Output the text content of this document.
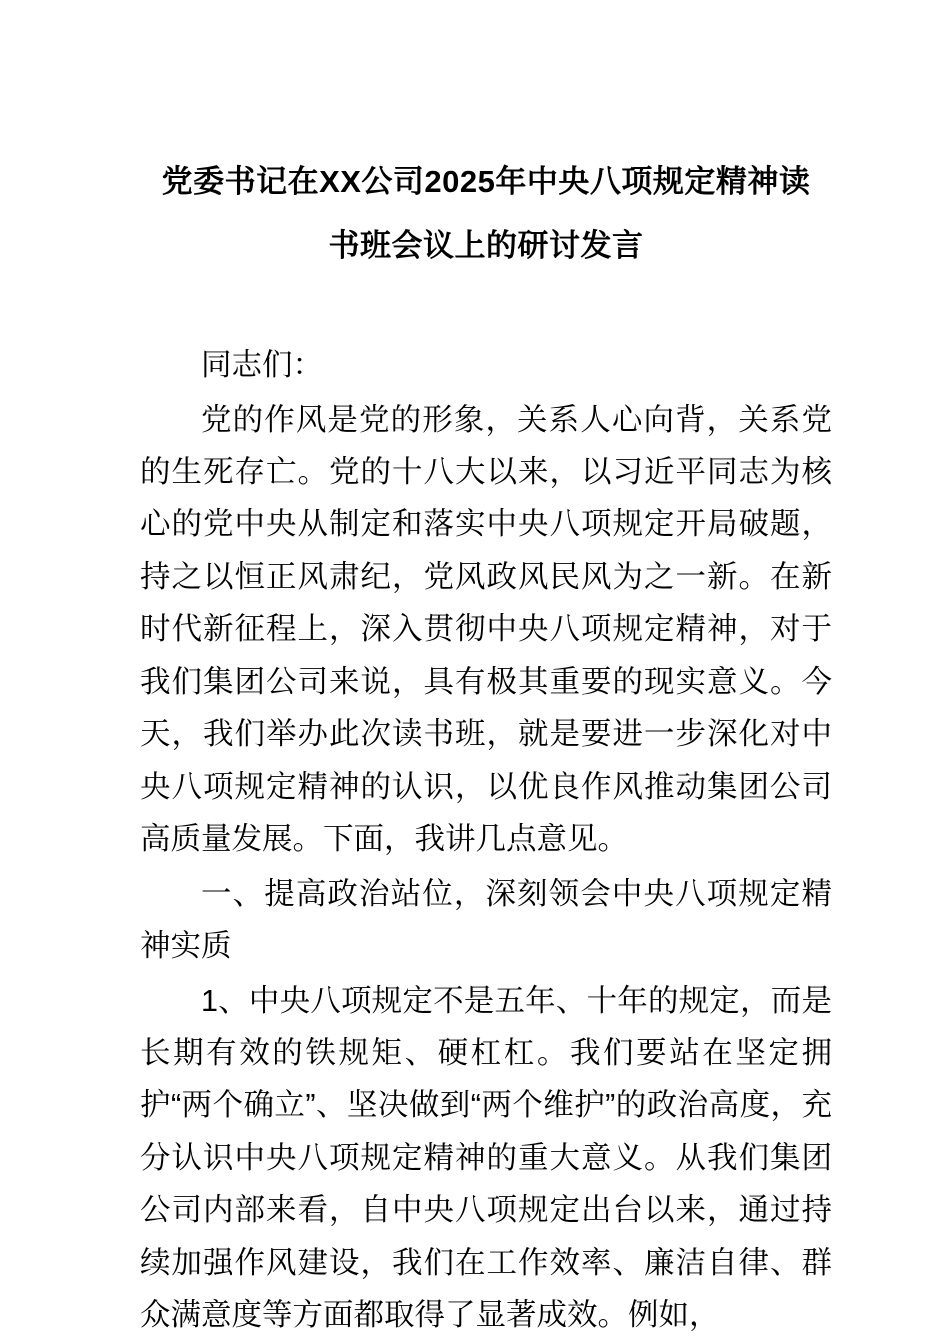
党委书记在XX公司2025年中央八项规定精神读书班会议上的研讨发言

同志们：

党的作风是党的形象，关系人心向背，关系党的生死存亡。党的十八大以来，以习近平同志为核心的党中央从制定和落实中央八项规定开局破题，持之以恒正风肃纪，党风政风民风为之一新。在新时代新征程上，深入贯彻中央八项规定精神，对于我们集团公司来说，具有极其重要的现实意义。今天，我们举办此次读书班，就是要进一步深化对中央八项规定精神的认识，以优良作风推动集团公司高质量发展。下面，我讲几点意见。

一、提高政治站位，深刻领会中央八项规定精神实质

1、中央八项规定不是五年、十年的规定，而是长期有效的铁规矩、硬杠杠。我们要站在坚定拥护“两个确立”、坚决做到“两个维护”的政治高度，充分认识中央八项规定精神的重大意义。从我们集团公司内部来看，自中央八项规定出台以来，通过持续加强作风建设，我们在工作效率、廉洁自律、群众满意度等方面都取得了显著成效。例如，
